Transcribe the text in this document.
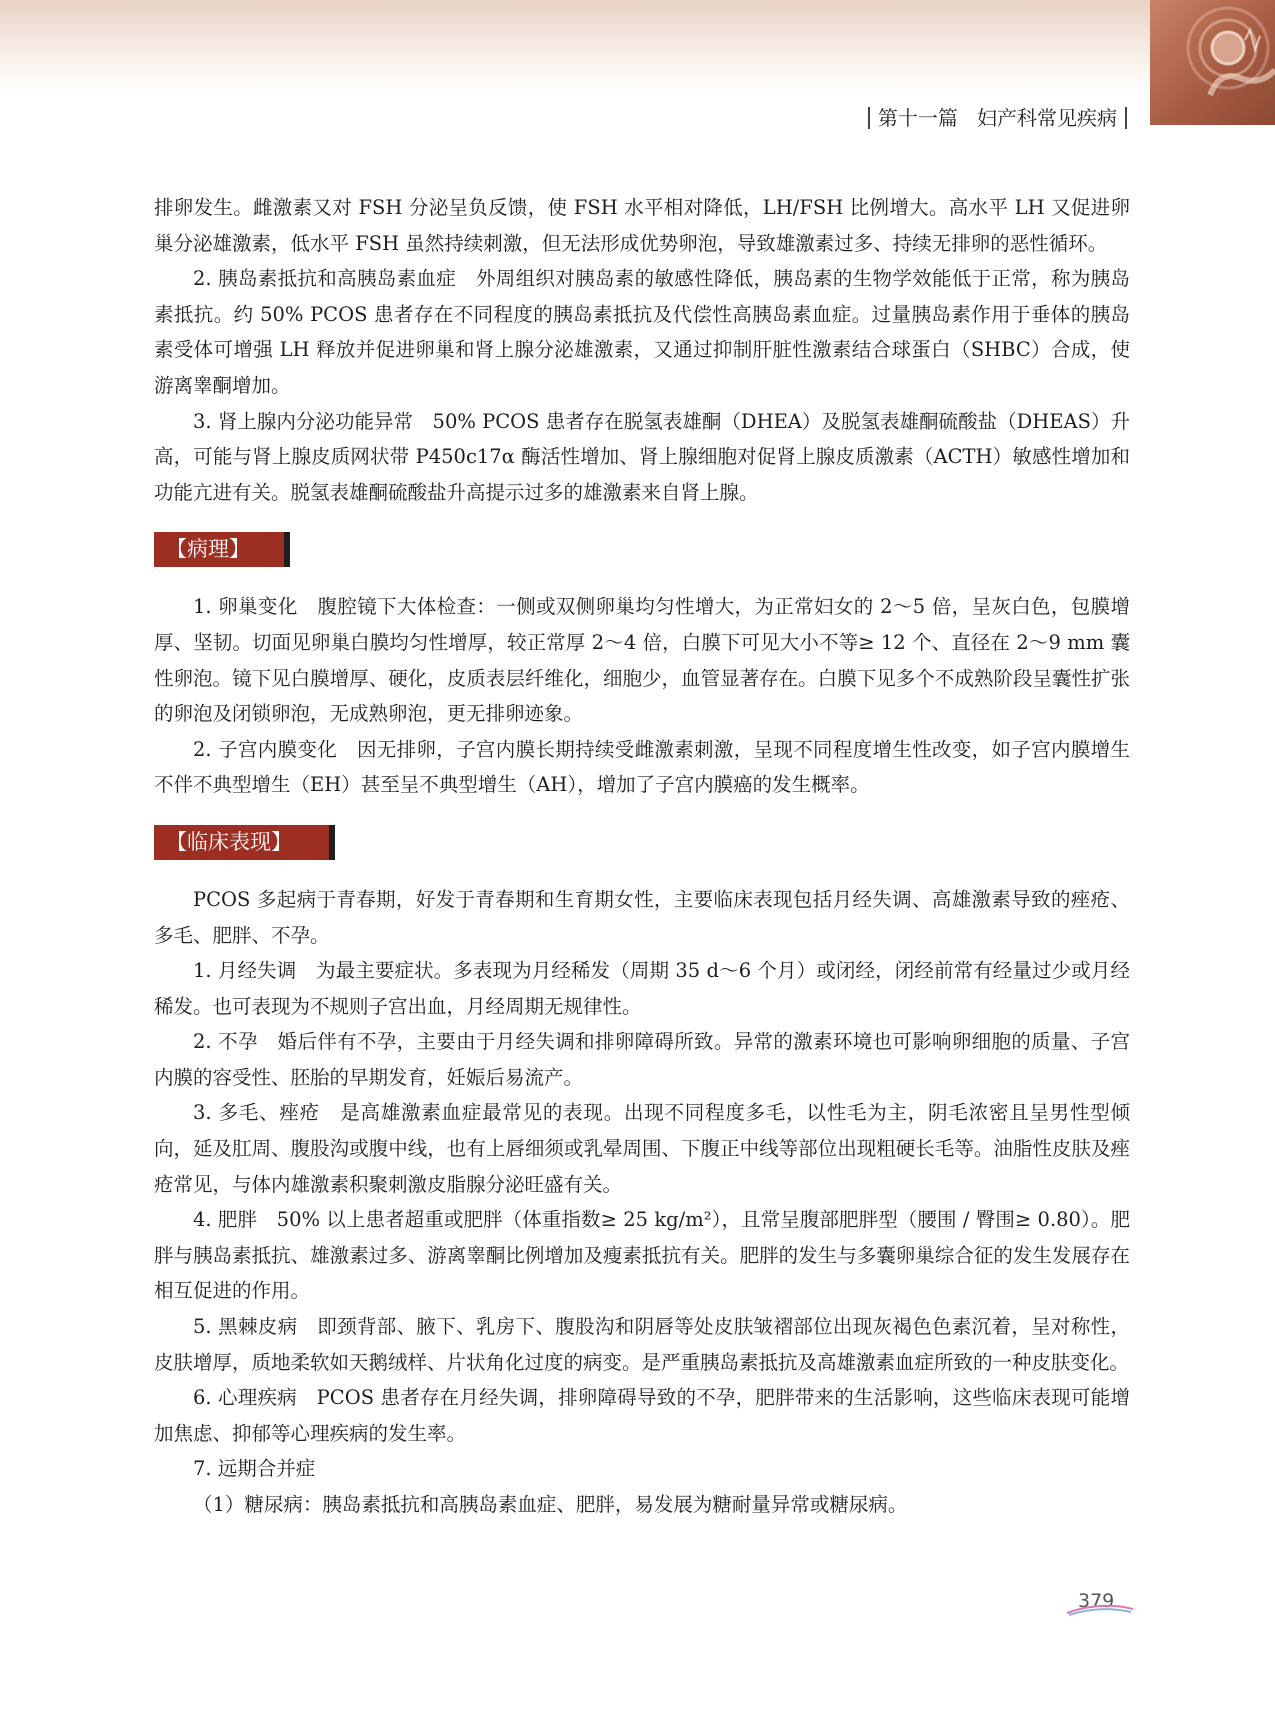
第十一篇 妇产科常见疾病

排卵发生。雌激素又对 FSH 分泌呈负反馈，使 FSH 水平相对降低，LH/FSH 比例增大。高水平 LH 又促进卵巢分泌雄激素，低水平 FSH 虽然持续刺激，但无法形成优势卵泡，导致雄激素过多、持续无排卵的恶性循环。

2. 胰岛素抵抗和高胰岛素血症　外周组织对胰岛素的敏感性降低，胰岛素的生物学效能低于正常，称为胰岛素抵抗。约 50% PCOS 患者存在不同程度的胰岛素抵抗及代偿性高胰岛素血症。过量胰岛素作用于垂体的胰岛素受体可增强 LH 释放并促进卵巢和肾上腺分泌雄激素，又通过抑制肝脏性激素结合球蛋白（SHBC）合成，使游离睾酮增加。

3. 肾上腺内分泌功能异常　50% PCOS 患者存在脱氢表雄酮（DHEA）及脱氢表雄酮硫酸盐（DHEAS）升高，可能与肾上腺皮质网状带 P450c17α 酶活性增加、肾上腺细胞对促肾上腺皮质激素（ACTH）敏感性增加和功能亢进有关。脱氢表雄酮硫酸盐升高提示过多的雄激素来自肾上腺。

【病理】

1. 卵巢变化　腹腔镜下大体检查：一侧或双侧卵巢均匀性增大，为正常妇女的 2～5 倍，呈灰白色，包膜增厚、坚韧。切面见卵巢白膜均匀性增厚，较正常厚 2～4 倍，白膜下可见大小不等≥ 12 个、直径在 2～9 mm 囊性卵泡。镜下见白膜增厚、硬化，皮质表层纤维化，细胞少，血管显著存在。白膜下见多个不成熟阶段呈囊性扩张的卵泡及闭锁卵泡，无成熟卵泡，更无排卵迹象。

2. 子宫内膜变化　因无排卵，子宫内膜长期持续受雌激素刺激，呈现不同程度增生性改变，如子宫内膜增生不伴不典型增生（EH）甚至呈不典型增生（AH），增加了子宫内膜癌的发生概率。

【临床表现】

PCOS 多起病于青春期，好发于青春期和生育期女性，主要临床表现包括月经失调、高雄激素导致的痤疮、多毛、肥胖、不孕。

1. 月经失调　为最主要症状。多表现为月经稀发（周期 35 d～6 个月）或闭经，闭经前常有经量过少或月经稀发。也可表现为不规则子宫出血，月经周期无规律性。

2. 不孕　婚后伴有不孕，主要由于月经失调和排卵障碍所致。异常的激素环境也可影响卵细胞的质量、子宫内膜的容受性、胚胎的早期发育，妊娠后易流产。

3. 多毛、痤疮　是高雄激素血症最常见的表现。出现不同程度多毛，以性毛为主，阴毛浓密且呈男性型倾向，延及肛周、腹股沟或腹中线，也有上唇细须或乳晕周围、下腹正中线等部位出现粗硬长毛等。油脂性皮肤及痤疮常见，与体内雄激素积聚刺激皮脂腺分泌旺盛有关。

4. 肥胖　50% 以上患者超重或肥胖（体重指数≥ 25 kg/m²），且常呈腹部肥胖型（腰围 / 臀围≥ 0.80）。肥胖与胰岛素抵抗、雄激素过多、游离睾酮比例增加及瘦素抵抗有关。肥胖的发生与多囊卵巢综合征的发生发展存在相互促进的作用。

5. 黑棘皮病　即颈背部、腋下、乳房下、腹股沟和阴唇等处皮肤皱褶部位出现灰褐色色素沉着，呈对称性，皮肤增厚，质地柔软如天鹅绒样、片状角化过度的病变。是严重胰岛素抵抗及高雄激素血症所致的一种皮肤变化。

6. 心理疾病　PCOS 患者存在月经失调，排卵障碍导致的不孕，肥胖带来的生活影响，这些临床表现可能增加焦虑、抑郁等心理疾病的发生率。

7. 远期合并症

（1）糖尿病：胰岛素抵抗和高胰岛素血症、肥胖，易发展为糖耐量异常或糖尿病。

379
